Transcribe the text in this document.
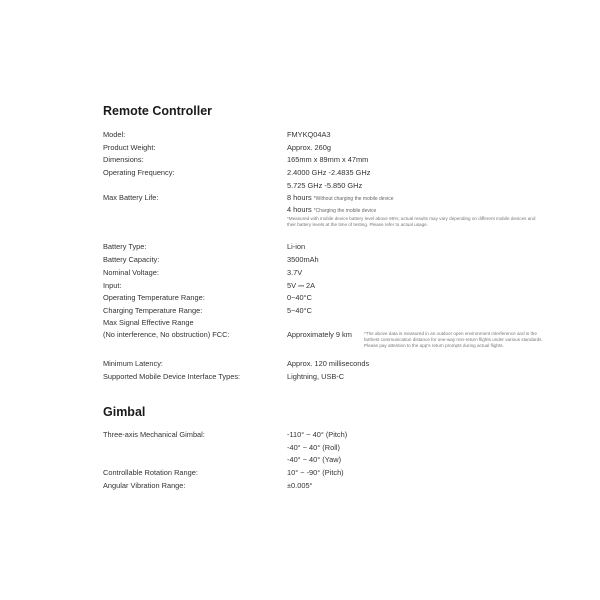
Remote Controller
Model:	FMYKQ04A3
Product Weight:	Approx. 260g
Dimensions:	165mm x 89mm x 47mm
Operating Frequency:	2.4000 GHz -2.4835 GHz
5.725 GHz -5.850 GHz
Max Battery Life:	8 hours *Without charging the mobile device
4 hours *Charging the mobile device
*Measured with mobile device battery level above 95%; actual results may vary depending on different mobile devices and their battery levels at the time of testing. Please refer to actual usage.
Battery Type:	Li-ion
Battery Capacity:	3500mAh
Nominal Voltage:	3.7V
Input:	5V ⎓ 2A
Operating Temperature Range:	0~40°C
Charging Temperature Range:	5~40°C
Max Signal Effective Range
(No interference, No obstruction) FCC:	Approximately 9 km	*The above data is measured in an outdoor open environment interference and is the farthest communication distance for one-way non-return flights under various standards. Please pay attention to the app's return prompts during actual flights.
Minimum Latency:	Approx. 120 milliseconds
Supported Mobile Device Interface Types:	Lightning, USB-C
Gimbal
Three-axis Mechanical Gimbal:	-110° ~ 40° (Pitch)
-40° ~ 40° (Roll)
-40° ~ 40° (Yaw)
Controllable Rotation Range:	10° ~ -90° (Pitch)
Angular Vibration Range:	±0.005°
